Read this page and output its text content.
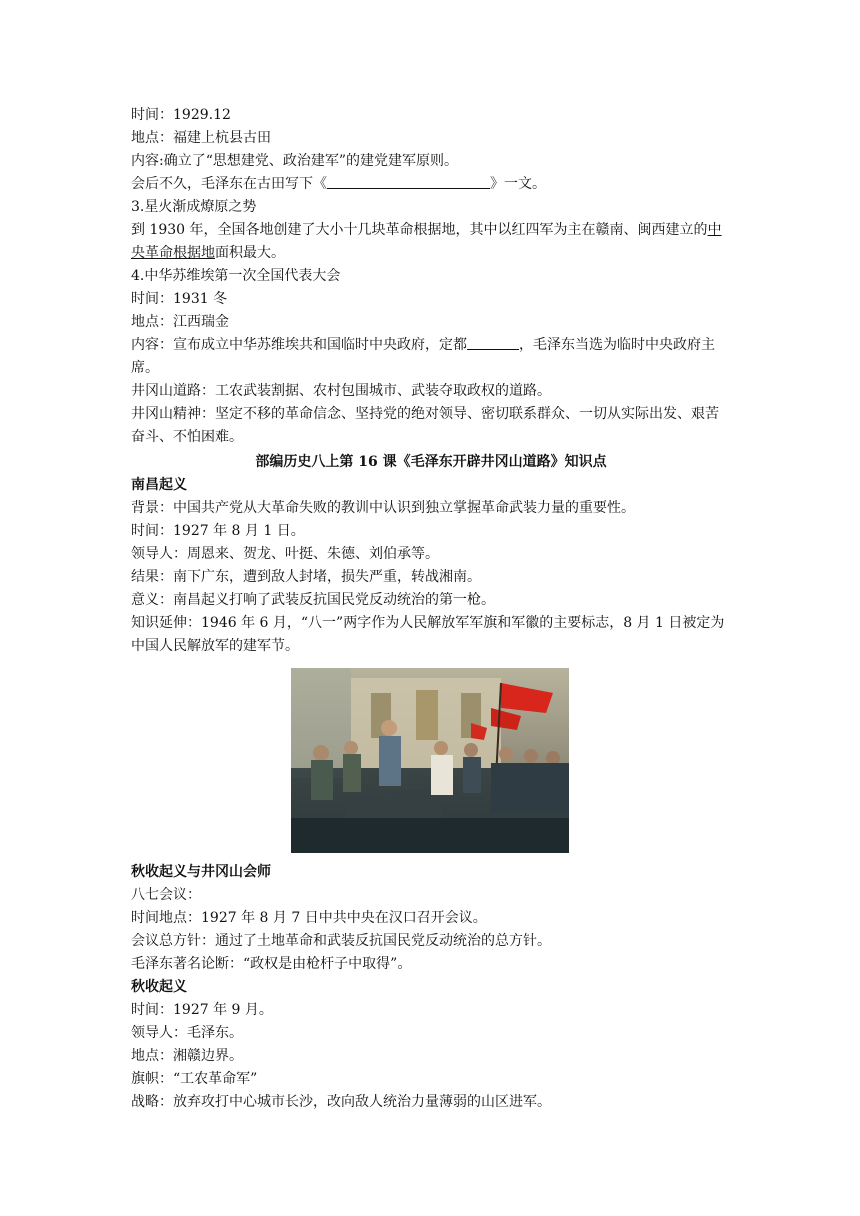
时间：1929.12
地点：福建上杭县古田
内容:确立了“思想建党、政治建军”的建党建军原则。
会后不久，毛泽东在古田写下《	》一文。
3.星火渐成燎原之势
到 1930 年，全国各地创建了大小十几块革命根据地，其中以红四军为主在赣南、闽西建立的中央革命根据地面积最大。
4.中华苏维埃第一次全国代表大会
时间：1931 冬
地点：江西瑞金
内容：宣布成立中华苏维埃共和国临时中央政府，定都	，毛泽东当选为临时中央政府主席。
井冈山道路：工农武装割据、农村包围城市、武装夺取政权的道路。
井冈山精神：坚定不移的革命信念、坚持党的绝对领导、密切联系群众、一切从实际出发、艰苦奋斗、不怕困难。
部编历史八上第 16 课《毛泽东开辟井冈山道路》知识点
南昌起义
背景：中国共产党从大革命失败的教训中认识到独立掌握革命武装力量的重要性。
时间：1927 年 8 月 1 日。
领导人：周恩来、贺龙、叶挺、朱德、刘伯承等。
结果：南下广东，遭到敌人封堵，损失严重，转战湘南。
意义：南昌起义打响了武装反抗国民党反动统治的第一枪。
知识延伸：1946 年 6 月，“八一”两字作为人民解放军军旗和军徽的主要标志，8 月 1 日被定为中国人民解放军的建军节。
秋收起义与井冈山会师
八七会议：
时间地点：1927 年 8 月 7 日中共中央在汉口召开会议。
会议总方针：通过了土地革命和武装反抗国民党反动统治的总方针。
毛泽东著名论断：“政权是由枪杆子中取得”。
秋收起义
时间：1927 年 9 月。
领导人：毛泽东。
地点：湘赣边界。
旗帜：“工农革命军”
战略：放弃攻打中心城市长沙，改向敌人统治力量薄弱的山区进军。
